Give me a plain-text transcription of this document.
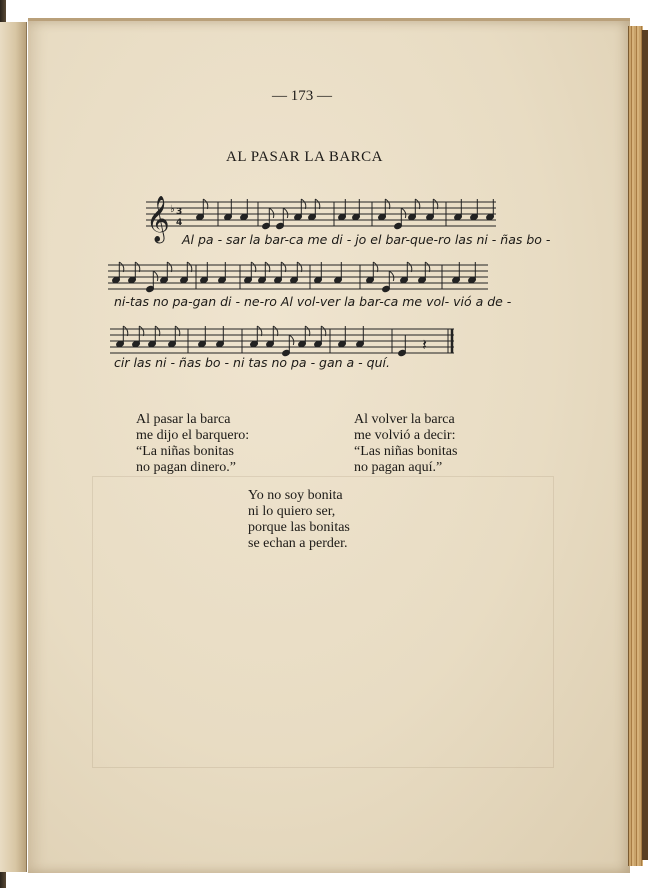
— 173 —
AL PASAR LA BARCA
𝄞 ♭ 3
4
𝄽
Al pa - sar la bar-ca me di - jo el bar-que-ro las ni - ñas bo -
ni-tas no pa-gan di - ne-ro Al vol-ver la bar-ca me vol- vió a de -
cir las ni - ñas bo - ni tas no pa - gan a - quí.
Al pasar la barca
me dijo el barquero:
“La niñas bonitas
no pagan dinero.”
Al volver la barca
me volvió a decir:
“Las niñas bonitas
no pagan aquí.”
Yo no soy bonita
ni lo quiero ser,
porque las bonitas
se echan a perder.
